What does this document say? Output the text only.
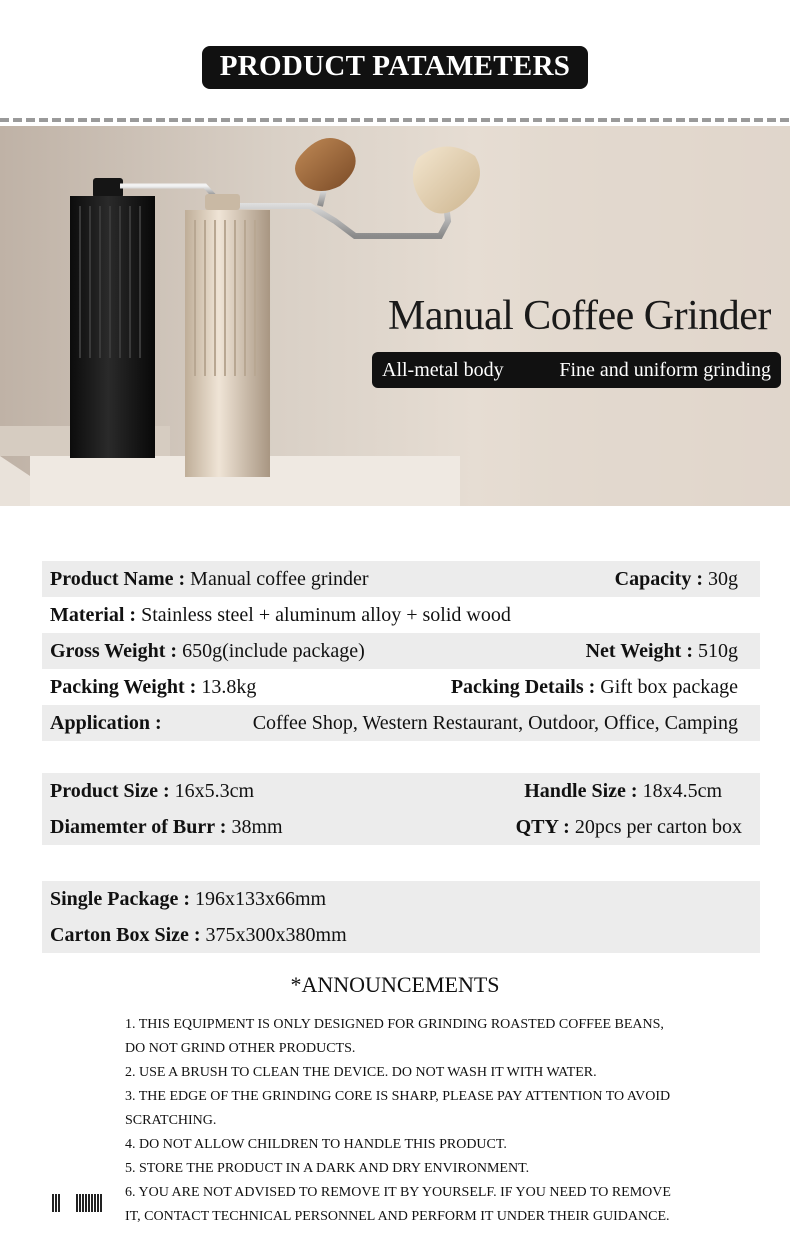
PRODUCT PATAMETERS
Manual Coffee Grinder
All-metal body	Fine and uniform grinding
Product Name : Manual coffee grinder	Capacity : 30g
Material : Stainless steel + aluminum alloy + solid wood
Gross Weight : 650g(include package)	Net Weight : 510g
Packing Weight : 13.8kg	Packing Details : Gift box package
Application :	Coffee Shop, Western Restaurant, Outdoor, Office, Camping
Product Size : 16x5.3cm	Handle Size : 18x4.5cm
Diamemter of Burr : 38mm	QTY : 20pcs per carton box
Single Package : 196x133x66mm
Carton Box Size : 375x300x380mm
*ANNOUNCEMENTS
1. THIS EQUIPMENT IS ONLY DESIGNED FOR GRINDING ROASTED COFFEE BEANS,
DO NOT GRIND OTHER PRODUCTS.
2. USE A BRUSH TO CLEAN THE DEVICE. DO NOT WASH IT WITH WATER.
3. THE EDGE OF THE GRINDING CORE IS SHARP, PLEASE PAY ATTENTION TO AVOID
SCRATCHING.
4. DO NOT ALLOW CHILDREN TO HANDLE THIS PRODUCT.
5. STORE THE PRODUCT IN A DARK AND DRY ENVIRONMENT.
6. YOU ARE NOT ADVISED TO REMOVE IT BY YOURSELF. IF YOU NEED TO REMOVE
IT, CONTACT TECHNICAL PERSONNEL AND PERFORM IT UNDER THEIR GUIDANCE.
